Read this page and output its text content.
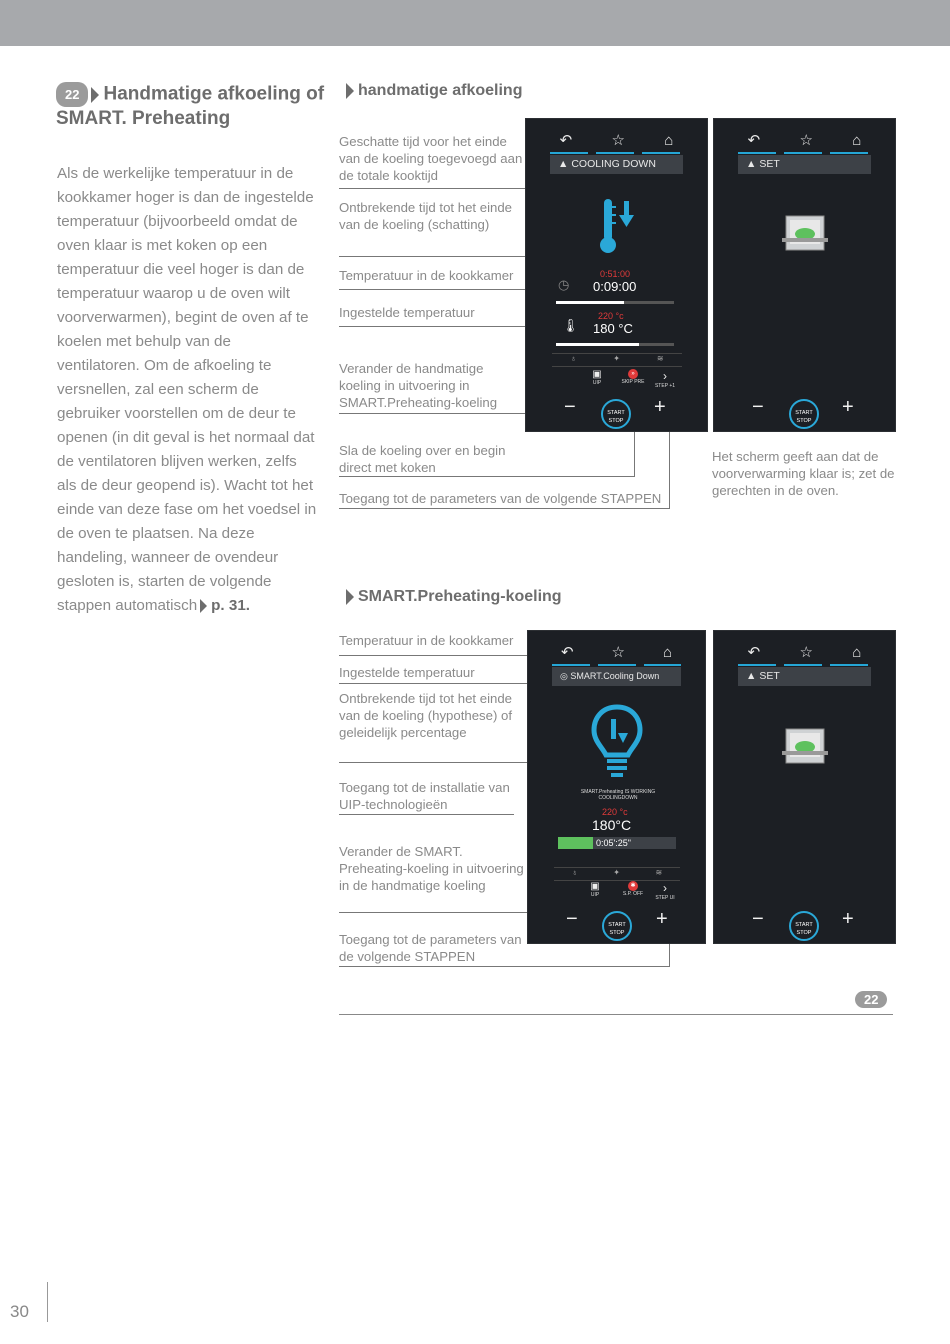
22 Handmatige afkoeling of SMART. Preheating
Als de werkelijke temperatuur in de kookkamer hoger is dan de ingestelde temperatuur (bijvoorbeeld omdat de oven klaar is met koken op een temperatuur die veel hoger is dan de temperatuur waarop u de oven wilt voorverwarmen), begint de oven af te koelen met behulp van de ventilatoren. Om de afkoeling te versnellen, zal een scherm de gebruiker voorstellen om de deur te openen (in dit geval is het normaal dat de ventilatoren blijven werken, zelfs als de deur geopend is). Wacht tot het einde van deze fase om het voedsel in de oven te plaatsen. Na deze handeling, wanneer de ovendeur gesloten is, starten de volgende stappen automatisch p. 31.
handmatige afkoeling
Geschatte tijd voor het einde van de koeling toegevoegd aan de totale kooktijd
Ontbrekende tijd tot het einde van de koeling (schatting)
Temperatuur in de kookkamer
Ingestelde temperatuur
Verander de handmatige koeling in uitvoering in SMART.Preheating-koeling
Sla de koeling over en begin direct met koken
Toegang tot de parameters van de volgende STAPPEN
↶	☆	⌂
▲ COOLING DOWN
◷
0:51:00
0:09:00
220 °c
🌡︎ 180 °C
♁	✦	≋
▣
UIP
»
SKIP PRE	›
STEP +1
−	START
STOP
+
↶	☆	⌂
▲ SET
−	START
STOP
+
Het scherm geeft aan dat de voorverwarming klaar is; zet de gerechten in de oven.
SMART.Preheating-koeling
Temperatuur in de kookkamer
Ingestelde temperatuur
Ontbrekende tijd tot het einde van de koeling (hypothese) of geleidelijk percentage
Toegang tot de installatie van UIP-technologieën
Verander de SMART. Preheating-koeling in uitvoering in de handmatige koeling
Toegang tot de parameters van de volgende STAPPEN
↶	☆	⌂
◎ SMART.Cooling Down
SMART.Preheating IS WORKING
COOLINGDOWN
220 °c
180°C
0:05':25"
♁	✦	≋
▣
UIP
✱
S.P. OFF	›
STEP UI
−	START
STOP
+
↶	☆	⌂
▲ SET
−	START
STOP
+
22
30
